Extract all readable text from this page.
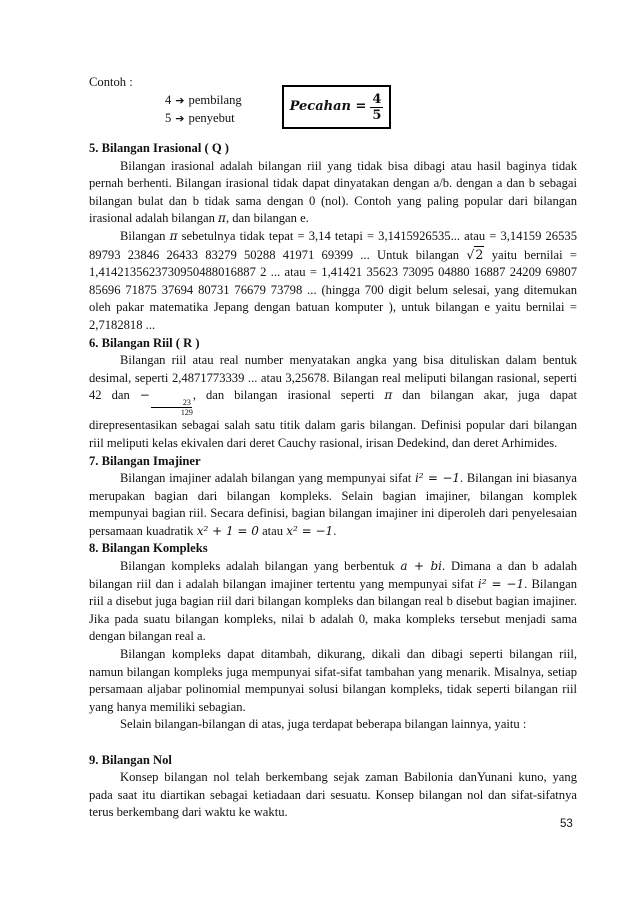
Contoh :
4 ➔ pembilang
5 ➔ penyebut
Pecahan = $\frac{4}{5}$
5. Bilangan Irasional ( Q )

Bilangan irasional adalah bilangan riil yang tidak bisa dibagi atau hasil baginya tidak pernah berhenti. Bilangan irasional tidak dapat dinyatakan dengan a/b. dengan a dan b sebagai bilangan bulat dan b tidak sama dengan 0 (nol). Contoh yang paling popular dari bilangan irasional adalah bilangan π, dan bilangan e.

Bilangan π sebetulnya tidak tepat = 3,14 tetapi = 3,1415926535... atau = 3,14159 26535 89793 23846 26433 83279 50288 41971 69399 ... Untuk bilangan √2 yaitu bernilai = 1,4142135623730950488016887 2 ... atau = 1,41421 35623 73095 04880 16887 24209 69807 85696 71875 37694 80731 76679 73798 ... (hingga 700 digit belum selesai, yang ditemukan oleh pakar matematika Jepang dengan batuan komputer ), untuk bilangan e yaitu bernilai = 2,7182818 ...

6. Bilangan Riil ( R )

Bilangan riil atau real number menyatakan angka yang bisa dituliskan dalam bentuk desimal, seperti 2,4871773339 ... atau 3,25678. Bilangan real meliputi bilangan rasional, seperti 42 dan −
$\frac{23}{129}$
, dan bilangan irasional seperti π dan bilangan akar, juga dapat direpresentasikan sebagai salah satu titik dalam garis bilangan. Definisi popular dari bilangan riil meliputi kelas ekivalen dari deret Cauchy rasional, irisan Dedekind, dan deret Arhimides.

7. Bilangan Imajiner

Bilangan imajiner adalah bilangan yang mempunyai sifat i² = −1. Bilangan ini biasanya merupakan bagian dari bilangan kompleks. Selain bagian imajiner, bilangan komplek mempunyai bagian riil. Secara definisi, bagian bilangan imajiner ini diperoleh dari penyelesaian persamaan kuadratik x² + 1 = 0 atau x² = −1.

8. Bilangan Kompleks

Bilangan kompleks adalah bilangan yang berbentuk a + bi. Dimana a dan b adalah bilangan riil dan i adalah bilangan imajiner tertentu yang mempunyai sifat i² = −1. Bilangan riil a disebut juga bagian riil dari bilangan kompleks dan bilangan real b disebut bagian imajiner. Jika pada suatu bilangan kompleks, nilai b adalah 0, maka kompleks tersebut menjadi sama dengan bilangan real a.

Bilangan kompleks dapat ditambah, dikurang, dikali dan dibagi seperti bilangan riil, namun bilangan kompleks juga mempunyai sifat-sifat tambahan yang menarik. Misalnya, setiap persamaan aljabar polinomial mempunyai solusi bilangan kompleks, tidak seperti bilangan riil yang hanya memiliki sebagian.

Selain bilangan-bilangan di atas, juga terdapat beberapa bilangan lainnya, yaitu :

9. Bilangan Nol

Konsep bilangan nol telah berkembang sejak zaman Babilonia danYunani kuno, yang pada saat itu diartikan sebagai ketiadaan dari sesuatu. Konsep bilangan nol dan sifat-sifatnya terus berkembang dari waktu ke waktu.

53
